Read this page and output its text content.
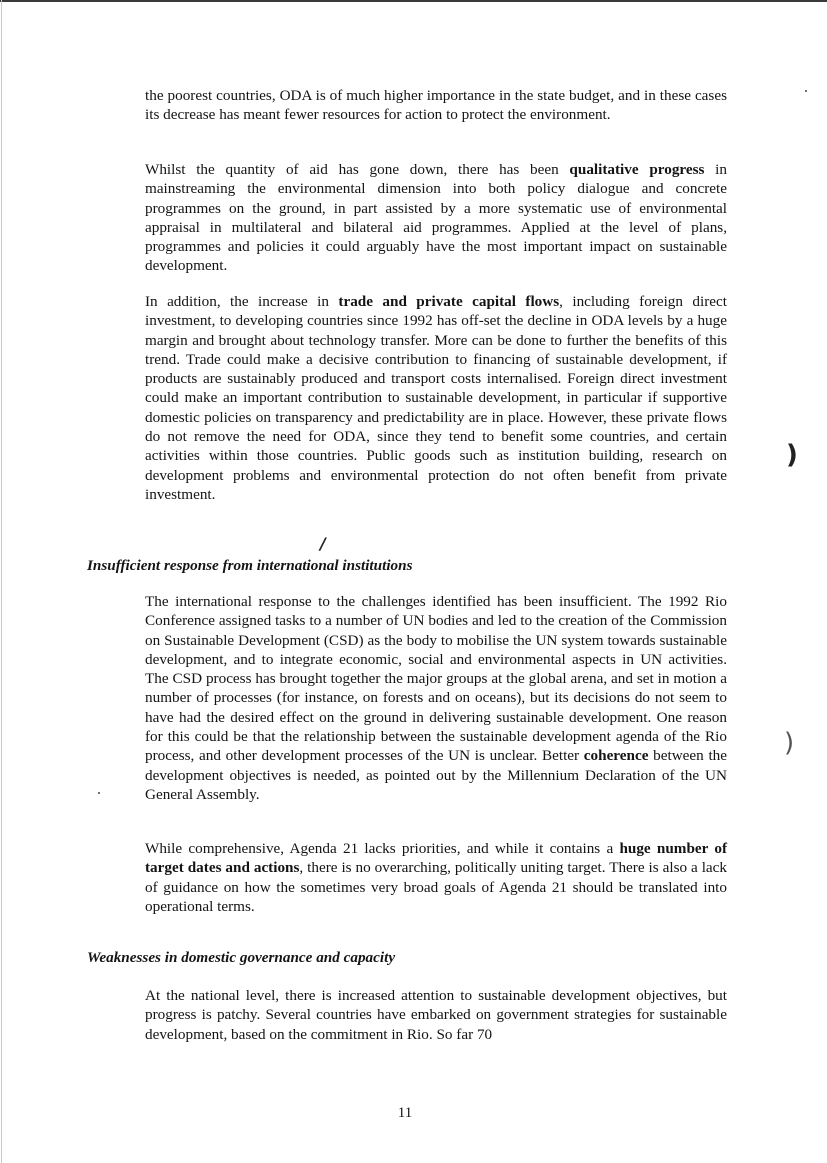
the poorest countries, ODA is of much higher importance in the state budget, and in these cases its decrease has meant fewer resources for action to protect the environment.

Whilst the quantity of aid has gone down, there has been qualitative progress in mainstreaming the environmental dimension into both policy dialogue and concrete programmes on the ground, in part assisted by a more systematic use of environmental appraisal in multilateral and bilateral aid programmes. Applied at the level of plans, programmes and policies it could arguably have the most important impact on sustainable development.

In addition, the increase in trade and private capital flows, including foreign direct investment, to developing countries since 1992 has off-set the decline in ODA levels by a huge margin and brought about technology transfer. More can be done to further the benefits of this trend. Trade could make a decisive contribution to financing of sustainable development, if products are sustainably produced and transport costs internalised. Foreign direct investment could make an important contribution to sustainable development, in particular if supportive domestic policies on transparency and predictability are in place. However, these private flows do not remove the need for ODA, since they tend to benefit some countries, and certain activities within those countries. Public goods such as institution building, research on development problems and environmental protection do not often benefit from private investment.

Insufficient response from international institutions

The international response to the challenges identified has been insufficient. The 1992 Rio Conference assigned tasks to a number of UN bodies and led to the creation of the Commission on Sustainable Development (CSD) as the body to mobilise the UN system towards sustainable development, and to integrate economic, social and environmental aspects in UN activities. The CSD process has brought together the major groups at the global arena, and set in motion a number of processes (for instance, on forests and on oceans), but its decisions do not seem to have had the desired effect on the ground in delivering sustainable development. One reason for this could be that the relationship between the sustainable development agenda of the Rio process, and other development processes of the UN is unclear. Better coherence between the development objectives is needed, as pointed out by the Millennium Declaration of the UN General Assembly.

While comprehensive, Agenda 21 lacks priorities, and while it contains a huge number of target dates and actions, there is no overarching, politically uniting target. There is also a lack of guidance on how the sometimes very broad goals of Agenda 21 should be translated into operational terms.

Weaknesses in domestic governance and capacity

At the national level, there is increased attention to sustainable development objectives, but progress is patchy. Several countries have embarked on government strategies for sustainable development, based on the commitment in Rio. So far 70

11
)
)
/
